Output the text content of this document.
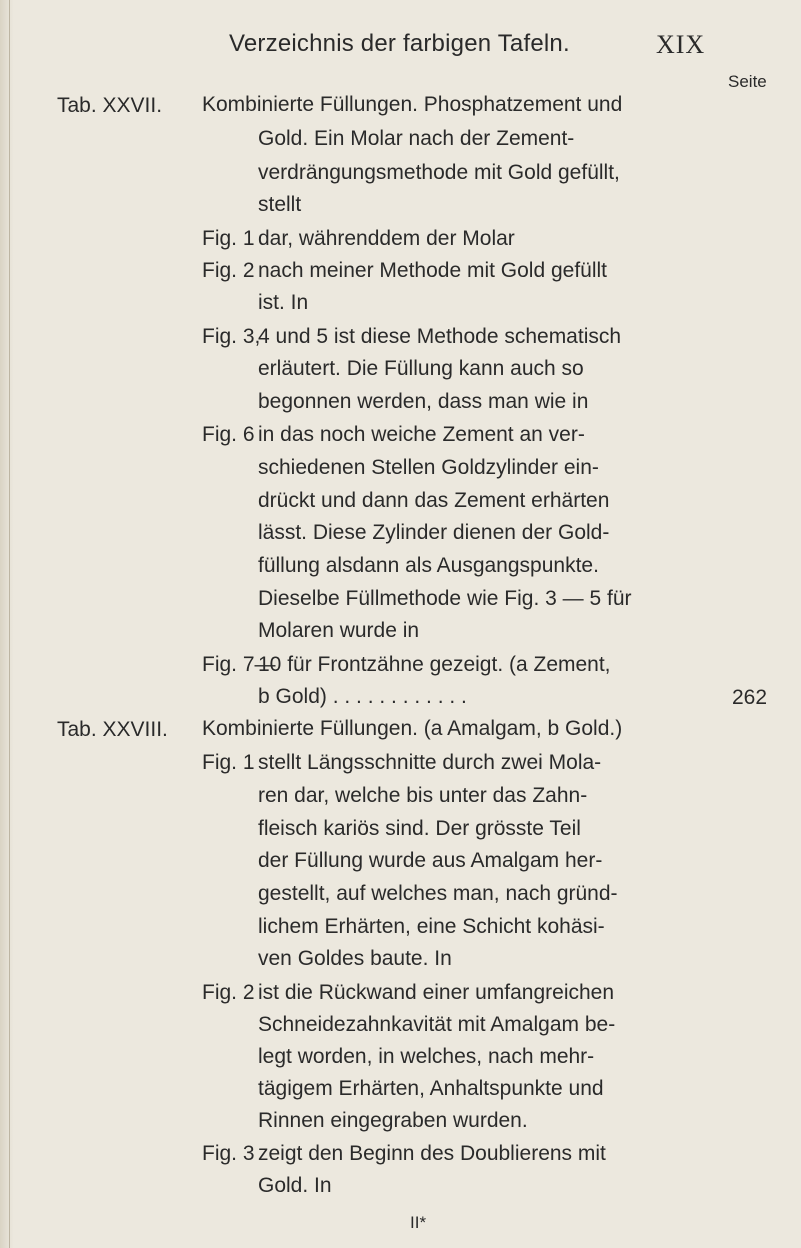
Verzeichnis der farbigen Tafeln.	XIX
Seite
Tab. XXVII. Kombinierte Füllungen. Phosphatzement und
Gold. Ein Molar nach der Zement-
verdrängungsmethode mit Gold gefüllt,
stellt
Fig. 1 dar, währenddem der Molar
Fig. 2 nach meiner Methode mit Gold gefüllt
ist. In
Fig. 3,4 und 5 ist diese Methode schematisch
erläutert. Die Füllung kann auch so
begonnen werden, dass man wie in
Fig. 6 in das noch weiche Zement an ver-
schiedenen Stellen Goldzylinder ein-
drückt und dann das Zement erhärten
lässt. Diese Zylinder dienen der Gold-
füllung alsdann als Ausgangspunkte.
Dieselbe Füllmethode wie Fig. 3 — 5 für
Molaren wurde in
Fig. 7—10 für Frontzähne gezeigt. (a Zement,
b Gold) . . . . . . . . . . . .	262
Tab. XXVIII. Kombinierte Füllungen. (a Amalgam, b Gold.)
Fig. 1 stellt Längsschnitte durch zwei Mola-
ren dar, welche bis unter das Zahn-
fleisch kariös sind. Der grösste Teil
der Füllung wurde aus Amalgam her-
gestellt, auf welches man, nach gründ-
lichem Erhärten, eine Schicht kohäsi-
ven Goldes baute. In
Fig. 2 ist die Rückwand einer umfangreichen
Schneidezahnkavität mit Amalgam be-
legt worden, in welches, nach mehr-
tägigem Erhärten, Anhaltspunkte und
Rinnen eingegraben wurden.
Fig. 3 zeigt den Beginn des Doublierens mit
Gold. In
II*
